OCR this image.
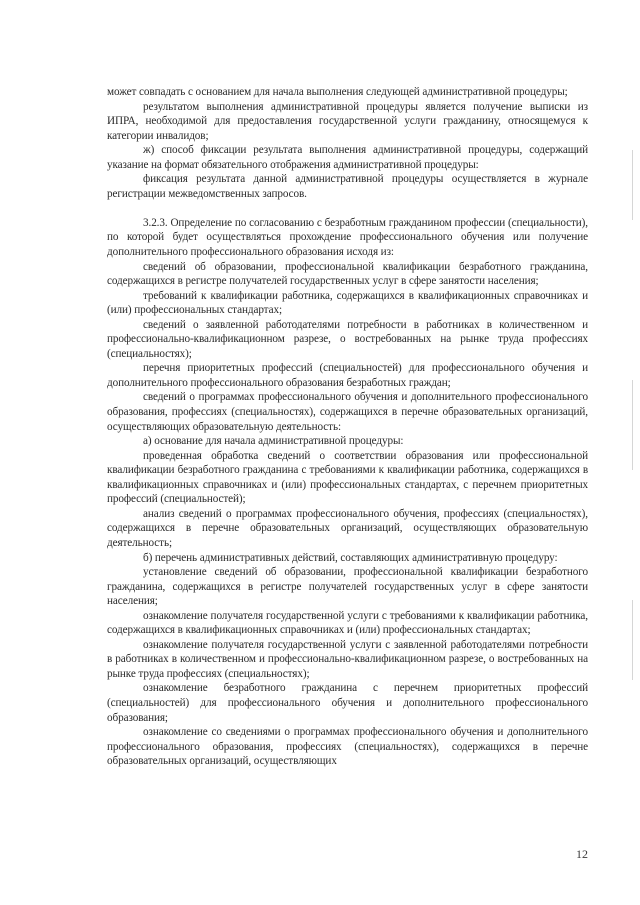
может совпадать с основанием для начала выполнения следующей административной процедуры;

результатом выполнения административной процедуры является получение выписки из ИПРА, необходимой для предоставления государственной услуги гражданину, относящемуся к категории инвалидов;

ж) способ фиксации результата выполнения административной процедуры, содержащий указание на формат обязательного отображения административной процедуры:

фиксация результата данной административной процедуры осуществляется в журнале регистрации межведомственных запросов.

3.2.3. Определение по согласованию с безработным гражданином профессии (специальности), по которой будет осуществляться прохождение профессионального обучения или получение дополнительного профессионального образования исходя из:

сведений об образовании, профессиональной квалификации безработного гражданина, содержащихся в регистре получателей государственных услуг в сфере занятости населения;

требований к квалификации работника, содержащихся в квалификационных справочниках и (или) профессиональных стандартах;

сведений о заявленной работодателями потребности в работниках в количественном и профессионально-квалификационном разрезе, о востребованных на рынке труда профессиях (специальностях);

перечня приоритетных профессий (специальностей) для профессионального обучения и дополнительного профессионального образования безработных граждан;

сведений о программах профессионального обучения и дополнительного профессионального образования, профессиях (специальностях), содержащихся в перечне образовательных организаций, осуществляющих образовательную деятельность:

а) основание для начала административной процедуры:

проведенная обработка сведений о соответствии образования или профессиональной квалификации безработного гражданина с требованиями к квалификации работника, содержащихся в квалификационных справочниках и (или) профессиональных стандартах, с перечнем приоритетных профессий (специальностей);

анализ сведений о программах профессионального обучения, профессиях (специальностях), содержащихся в перечне образовательных организаций, осуществляющих образовательную деятельность;

б) перечень административных действий, составляющих административную процедуру:

установление сведений об образовании, профессиональной квалификации безработного гражданина, содержащихся в регистре получателей государственных услуг в сфере занятости населения;

ознакомление получателя государственной услуги с требованиями к квалификации работника, содержащихся в квалификационных справочниках и (или) профессиональных стандартах;

ознакомление получателя государственной услуги с заявленной работодателями потребности в работниках в количественном и профессионально-квалификационном разрезе, о востребованных на рынке труда профессиях (специальностях);

ознакомление безработного гражданина с перечнем приоритетных профессий (специальностей) для профессионального обучения и дополнительного профессионального образования;

ознакомление со сведениями о программах профессионального обучения и дополнительного профессионального образования, профессиях (специальностях), содержащихся в перечне образовательных организаций, осуществляющих

12
